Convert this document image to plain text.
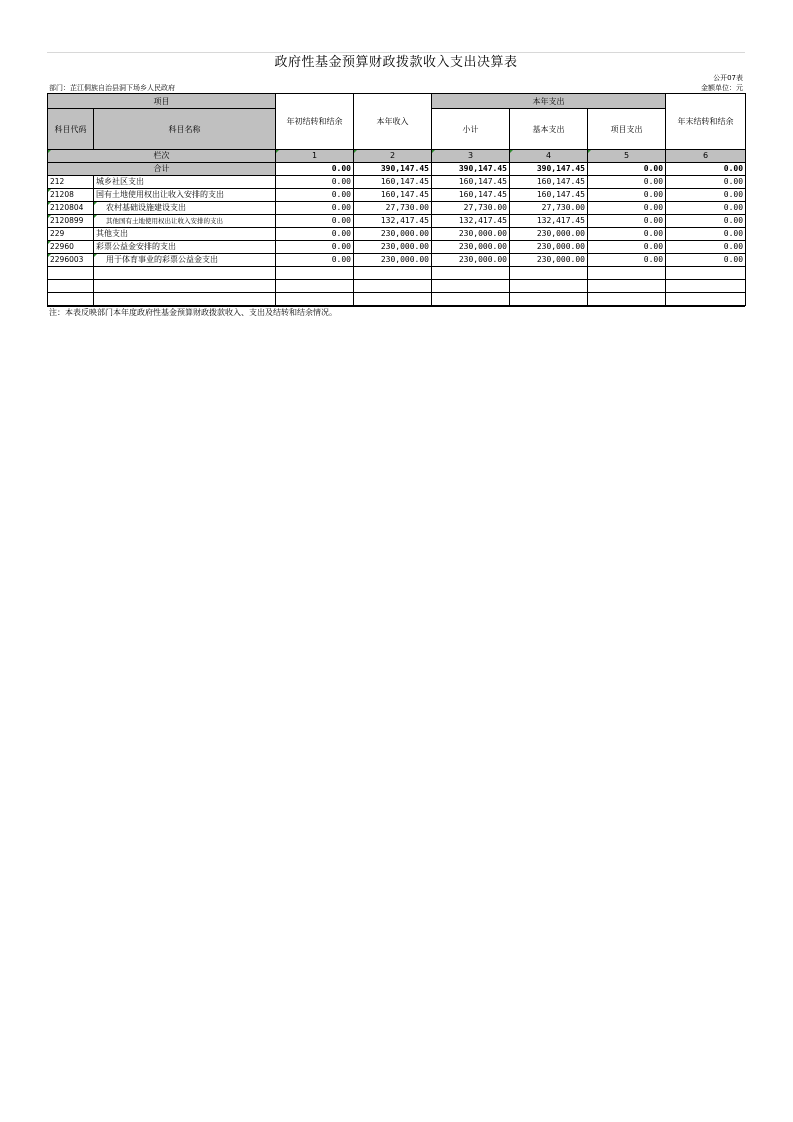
政府性基金预算财政拨款收入支出决算表
公开07表
部门：芷江侗族自治县洞下场乡人民政府	金额单位：元
项目		年初结转和结余	本年收入	本年支出			年末结转和结余
科目代码	科目名称			小计	基本支出	项目支出	
栏次		1	2	3	4	5	6
合计		0.00	390,147.45	390,147.45	390,147.45	0.00	0.00
212	城乡社区支出	0.00	160,147.45	160,147.45	160,147.45	0.00	0.00
21208	国有土地使用权出让收入安排的支出	0.00	160,147.45	160,147.45	160,147.45	0.00	0.00
2120804	农村基础设施建设支出	0.00	27,730.00	27,730.00	27,730.00	0.00	0.00
2120899	其他国有土地使用权出让收入安排的支出	0.00	132,417.45	132,417.45	132,417.45	0.00	0.00
229	其他支出	0.00	230,000.00	230,000.00	230,000.00	0.00	0.00
22960	彩票公益金安排的支出	0.00	230,000.00	230,000.00	230,000.00	0.00	0.00
2296003	用于体育事业的彩票公益金支出	0.00	230,000.00	230,000.00	230,000.00	0.00	0.00

注：本表反映部门本年度政府性基金预算财政拨款收入、支出及结转和结余情况。
